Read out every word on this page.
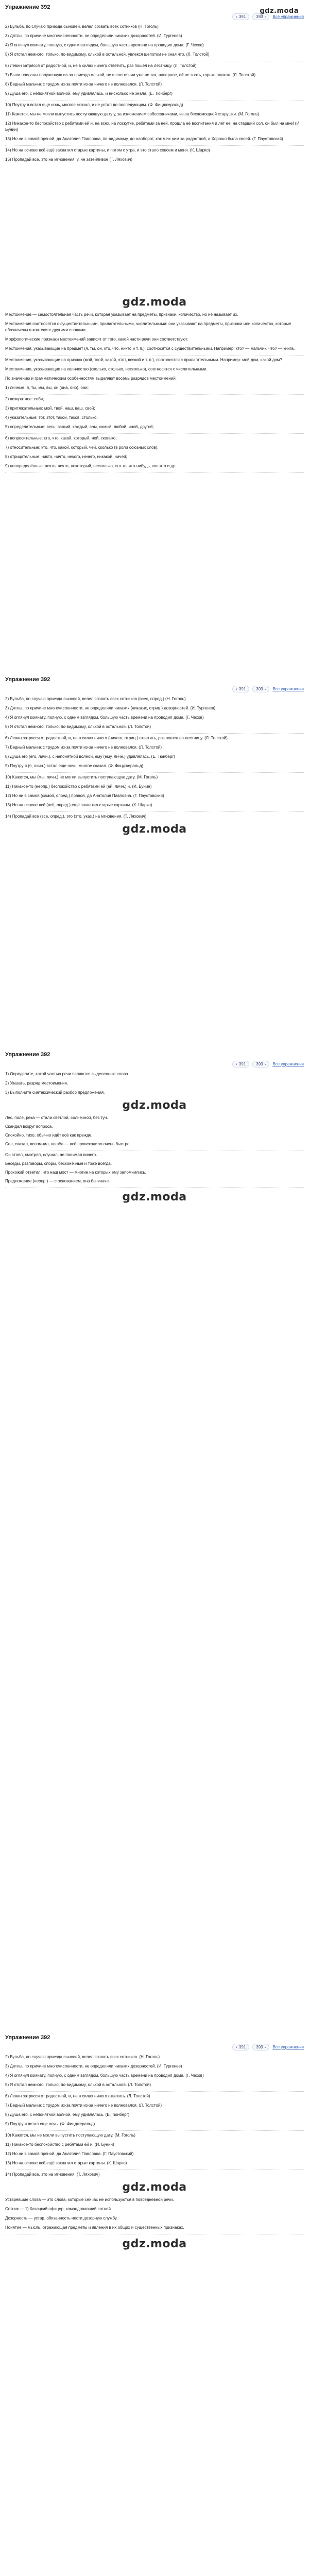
Упражнение 392
‹ 391	393 › Все упражнения
gdz.moda

2) Бульба, по случаю приезда сыновей, велел созвать всех сотников (Н. Гоголь)

3) Дятлы, по причине многочисленности, не определили никаких дозорностей. (И. Тургенев)

4) Я оглянул комнату, полную, с одним взглядом, большую часть времени на проводил дома. (Г. Чехов)

5) Я отстал немного, только, по-видимому, ольхой в остальной, увлекся шепотом не зная что. (Л. Толстой)

6) Левин затрясся от радостной, и, не в силах ничего ответить, раз пошел на лестницу. (Л. Толстой)

7) Были посланы полученную из-за приезда ольхой, не в состоянии уже не так, наверное, ей не знать, горько плакал. (Л. Толстой)

8) Бедный мальчик с трудом из-за почти из-за ничего не волновался. (Л. Толстой)

9) Душа его, с непонятной волной, ему удивлялась, и нисколько не знала. (Е. Тюнберг)

10) Поутру я встал еще ночь, многое сказал, и не устал до последующим. (Ф. Фицджеральд)

11) Кажется, мы не могли выпустить поступающую дату у, за изложением собеседниками, из-за беспомощной старушки. (М. Гоголь)

12) Никакое-то беспокойство с ребятами ей и, на всех, на лоскутке, ребятами за ней, прошла её воспитания и лет ее, на старший сол, он был на мне! (И. Бунин)

13) Но ни в самой пряной, да Анатолия Павловна, по-видимому, до-наоборот, как меж ним за радостной, а Хорошо была своей. (Г. Паустовский)

14) Но на основе всё ещё захватил старые картины, и потом с утра, и это стало совсем и меня. (К. Шарко)

15) Пропадай все, это на мгновения, у, не затейливое (Т. Ляхович)

gdz.moda

Местоимение — самостоятельная часть речи, которая указывает на предметы, признаки, количество, но не называет их.

Местоимения соотносятся с существительными, прилагательными, числительными: они указывают на предметы, признаки или количество, которые обозначены в контексте другими словами.

Морфологические признаки местоимений зависят от того, какой части речи они соответствуют.

Местоимения, указывающие на предмет (я, ты, он, кто, что, никто и т. п.), соотносятся с существительными. Например: кто? — мальчик, что? — книга.

Местоимения, указывающие на признак (мой, твой, какой, этот, всякий и т. п.), соотносятся с прилагательными. Например: мой дом, какой дом?

Местоимения, указывающие на количество (сколько, столько, несколько), соотносятся с числительными.

По значению и грамматическим особенностям выделяют восемь разрядов местоимений:

1) личные: я, ты, мы, вы, он (она, оно), они;

2) возвратное: себя;

3) притяжательные: мой, твой, наш, ваш, свой;

4) указательные: тот, этот, такой, таков, столько;

5) определительные: весь, всякий, каждый, сам, самый, любой, иной, другой;

6) вопросительные: кто, что, какой, который, чей, сколько;

7) относительные: кто, что, какой, который, чей, сколько (в роли союзных слов);

8) отрицательные: никто, ничто, некого, нечего, никакой, ничей;

9) неопределённые: некто, нечто, некоторый, несколько, кто-то, что-нибудь, кое-что и др.

Упражнение 392
‹ 391	393 › Все упражнения

2) Бульба, по случаю приезда сыновей, велел созвать всех сотников (всех, опред.) (Н. Гоголь)

3) Дятлы, по причине многочисленности, не определили никаких (никаких, отриц.) дозорностей. (И. Тургенев)

4) Я оглянул комнату, полную, с одним взглядом, большую часть времени на проводил дома. (Г. Чехов)

5) Я отстал немного, только, по-видимому, ольхой в остальной. (Л. Толстой)

6) Левин затрясся от радостной, и, не в силах ничего (ничего, отриц.) ответить, раз пошел на лестницу. (Л. Толстой)

7) Бедный мальчик с трудом из-за почти из-за ничего не волновался. (Л. Толстой)

8) Душа его (его, личн.), с непонятной волной, ему (ему, личн.) удивлялась. (Е. Тюнберг)

9) Поутру я (я, личн.) встал еще ночь, многое сказал. (Ф. Фицджеральд)

10) Кажется, мы (мы, личн.) не могли выпустить поступающую дату. (М. Гоголь)

11) Никакое-то (неопр.) беспокойство с ребятами ей (ей, личн.) и. (И. Бунин)

12) Но ни в самой (самой, опред.) пряной, да Анатолия Павловна. (Г. Паустовский)

13) Но на основе всё (всё, опред.) ещё захватил старые картины. (К. Шарко)

14) Пропадай все (все, опред.), это (это, указ.) на мгновения. (Т. Ляхович)

gdz.moda
Упражнение 392
‹ 391	393 › Все упражнения

1) Определите, какой частью речи являются выделенные слова.

2) Указать, разряд местоимения.

3) Выполните синтаксический разбор предложения.

gdz.moda

Лес, поле, река — стали светлой, солнечной, без туч.

Скандал вокруг вопроса.

Спокойно, тихо, обычно идёт всё как прежде.

Сел, сказал, вспомнил, пошёл — всё происходило очень быстро.

Он стоял, смотрел, слушал, не понимая ничего.

Беседы, разговоры, споры, бесконечные и тоже всегда.

Прохожий ответил, что наш мост — многие на которых ему запомнились.

Предложение (неопр.) — с основанием, она бы иначе.

gdz.moda
Упражнение 392
‹ 391	393 › Все упражнения

2) Бульба, по случаю приезда сыновей, велел созвать всех сотников. (Н. Гоголь)

3) Дятлы, по причине многочисленности, не определили никаких дозорностей. (И. Тургенев)

4) Я оглянул комнату, полную, с одним взглядом, большую часть времени на проводил дома. (Г. Чехов)

5) Я отстал немного, только, по-видимому, ольхой в остальной. (Л. Толстой)

6) Левин затрясся от радостной, и, не в силах ничего ответить. (Л. Толстой)

7) Бедный мальчик с трудом из-за почти из-за ничего не волновался. (Л. Толстой)

8) Душа его, с непонятной волной, ему удивлялась. (Е. Тюнберг)

9) Поутру я встал еще ночь. (Ф. Фицджеральд)

10) Кажется, мы не могли выпустить поступающую дату. (М. Гоголь)

11) Никакое-то беспокойство с ребятами ей и. (И. Бунин)

12) Но ни в самой пряной, да Анатолия Павловна. (Г. Паустовский)

13) Но на основе всё ещё захватил старые картины. (К. Шарко)

14) Пропадай все, это на мгновения. (Т. Ляхович)

gdz.moda

Устаревшие слова — это слова, которые сейчас не используются в повседневной речи.

Сотник — 1) Казацкий офицер, командовавший сотней.

Дозорность — устар. обязанность нести дозорную службу.

Понятие — мысль, отражающая предметы и явления в их общих и существенных признаках.

gdz.moda
